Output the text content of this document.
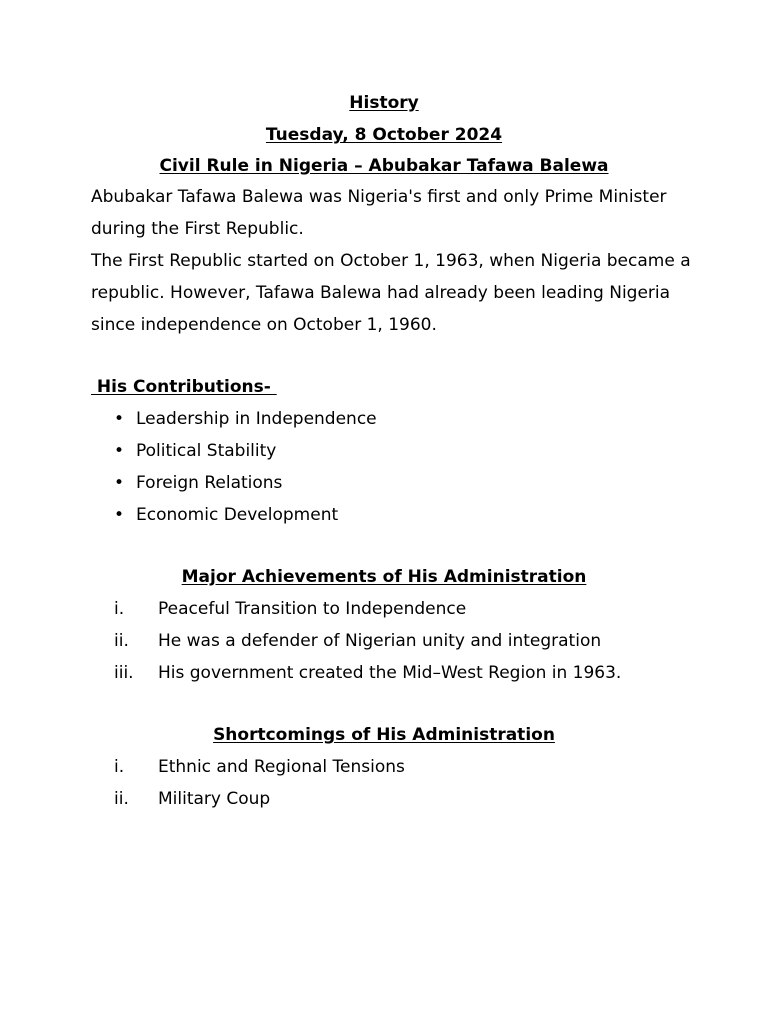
History
Tuesday, 8 October 2024
Civil Rule in Nigeria – Abubakar Tafawa Balewa

Abubakar Tafawa Balewa was Nigeria's first and only Prime Minister during the First Republic.

The First Republic started on October 1, 1963, when Nigeria became a republic. However, Tafawa Balewa had already been leading Nigeria since independence on October 1, 1960.

His Contributions-
• Leadership in Independence
• Political Stability
• Foreign Relations
• Economic Development
Major Achievements of His Administration
i. Peaceful Transition to Independence
ii. He was a defender of Nigerian unity and integration
iii. His government created the Mid–West Region in 1963.
Shortcomings of His Administration
i. Ethnic and Regional Tensions
ii. Military Coup
